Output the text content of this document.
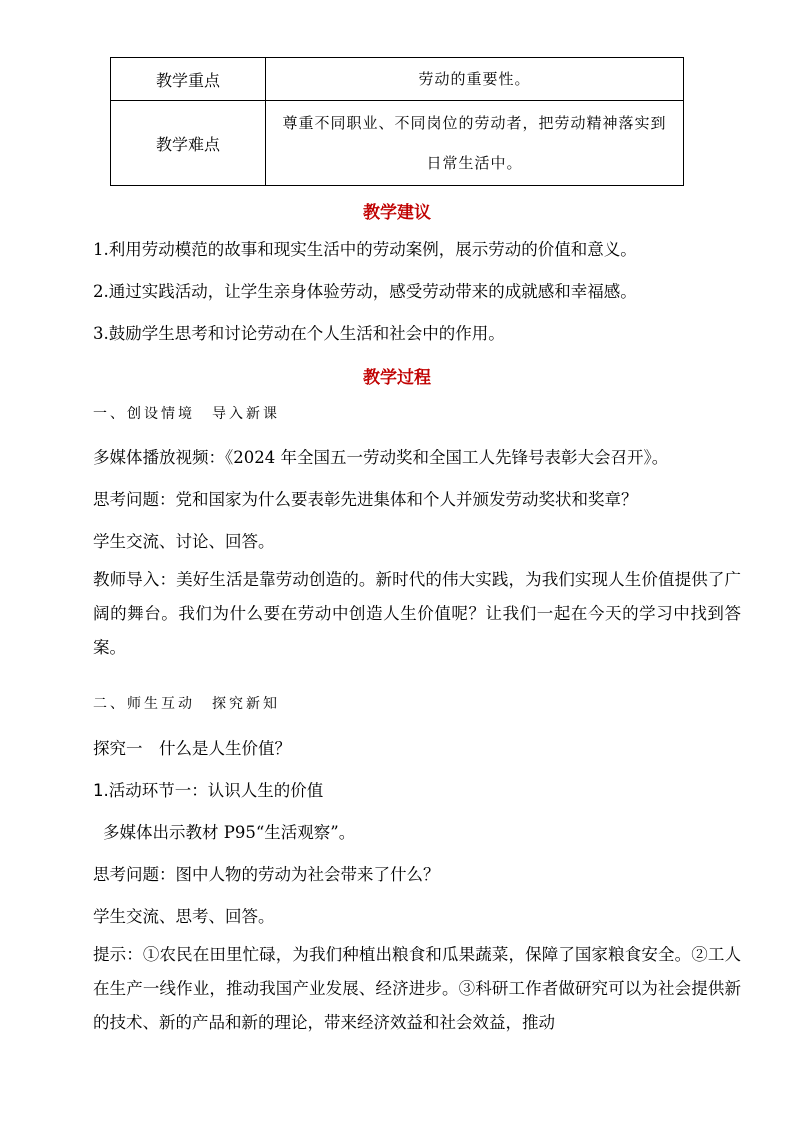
教学重点	劳动的重要性。
教学难点	尊重不同职业、不同岗位的劳动者，把劳动精神落实到日常生活中。
教学建议
1.利用劳动模范的故事和现实生活中的劳动案例，展示劳动的价值和意义。
2.通过实践活动，让学生亲身体验劳动，感受劳动带来的成就感和幸福感。
3.鼓励学生思考和讨论劳动在个人生活和社会中的作用。
教学过程
一、创设情境　导入新课
多媒体播放视频：《2024 年全国五一劳动奖和全国工人先锋号表彰大会召开》。
思考问题：党和国家为什么要表彰先进集体和个人并颁发劳动奖状和奖章？
学生交流、讨论、回答。
教师导入：美好生活是靠劳动创造的。新时代的伟大实践，为我们实现人生价值提供了广阔的舞台。我们为什么要在劳动中创造人生价值呢？让我们一起在今天的学习中找到答案。
二、师生互动　探究新知
探究一　什么是人生价值？
1.活动环节一：认识人生的价值
多媒体出示教材 P95“生活观察”。
思考问题：图中人物的劳动为社会带来了什么？
学生交流、思考、回答。
提示：①农民在田里忙碌，为我们种植出粮食和瓜果蔬菜，保障了国家粮食安全。②工人在生产一线作业，推动我国产业发展、经济进步。③科研工作者做研究可以为社会提供新的技术、新的产品和新的理论，带来经济效益和社会效益，推动
